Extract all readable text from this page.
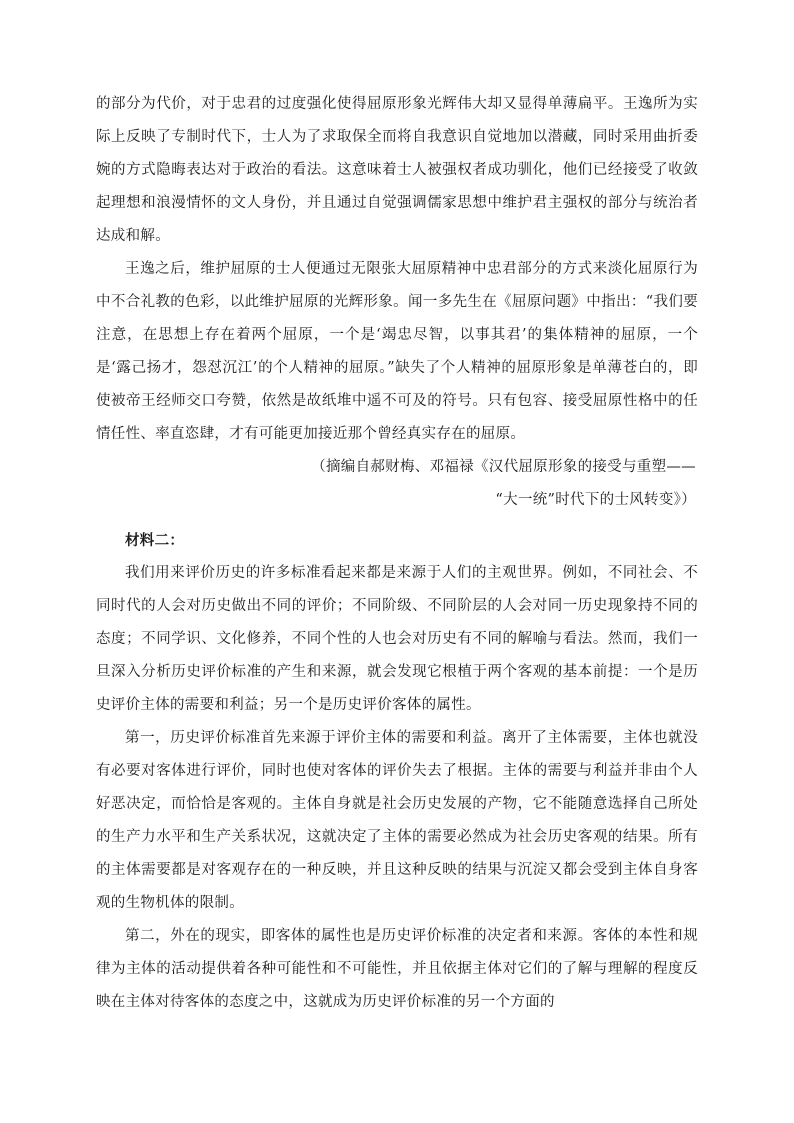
的部分为代价，对于忠君的过度强化使得屈原形象光辉伟大却又显得单薄扁平。王逸所为实际上反映了专制时代下，士人为了求取保全而将自我意识自觉地加以潜藏，同时采用曲折委婉的方式隐晦表达对于政治的看法。这意味着士人被强权者成功驯化，他们已经接受了收敛起理想和浪漫情怀的文人身份，并且通过自觉强调儒家思想中维护君主强权的部分与统治者达成和解。

王逸之后，维护屈原的士人便通过无限张大屈原精神中忠君部分的方式来淡化屈原行为中不合礼教的色彩，以此维护屈原的光辉形象。闻一多先生在《屈原问题》中指出：“我们要注意，在思想上存在着两个屈原，一个是‘竭忠尽智，以事其君’的集体精神的屈原，一个是‘露己扬才，怨怼沉江’的个人精神的屈原。”缺失了个人精神的屈原形象是单薄苍白的，即使被帝王经师交口夸赞，依然是故纸堆中遥不可及的符号。只有包容、接受屈原性格中的任情任性、率直恣肆，才有可能更加接近那个曾经真实存在的屈原。

（摘编自郝财梅、邓福禄《汉代屈原形象的接受与重塑——

“大一统”时代下的士风转变》）

材料二：

我们用来评价历史的许多标准看起来都是来源于人们的主观世界。例如，不同社会、不同时代的人会对历史做出不同的评价；不同阶级、不同阶层的人会对同一历史现象持不同的态度；不同学识、文化修养，不同个性的人也会对历史有不同的解喻与看法。然而，我们一旦深入分析历史评价标准的产生和来源，就会发现它根植于两个客观的基本前提：一个是历史评价主体的需要和利益；另一个是历史评价客体的属性。

第一，历史评价标准首先来源于评价主体的需要和利益。离开了主体需要，主体也就没有必要对客体进行评价，同时也使对客体的评价失去了根据。主体的需要与利益并非由个人好恶决定，而恰恰是客观的。主体自身就是社会历史发展的产物，它不能随意选择自己所处的生产力水平和生产关系状况，这就决定了主体的需要必然成为社会历史客观的结果。所有的主体需要都是对客观存在的一种反映，并且这种反映的结果与沉淀又都会受到主体自身客观的生物机体的限制。

第二，外在的现实，即客体的属性也是历史评价标准的决定者和来源。客体的本性和规律为主体的活动提供着各种可能性和不可能性，并且依据主体对它们的了解与理解的程度反映在主体对待客体的态度之中，这就成为历史评价标准的另一个方面的
